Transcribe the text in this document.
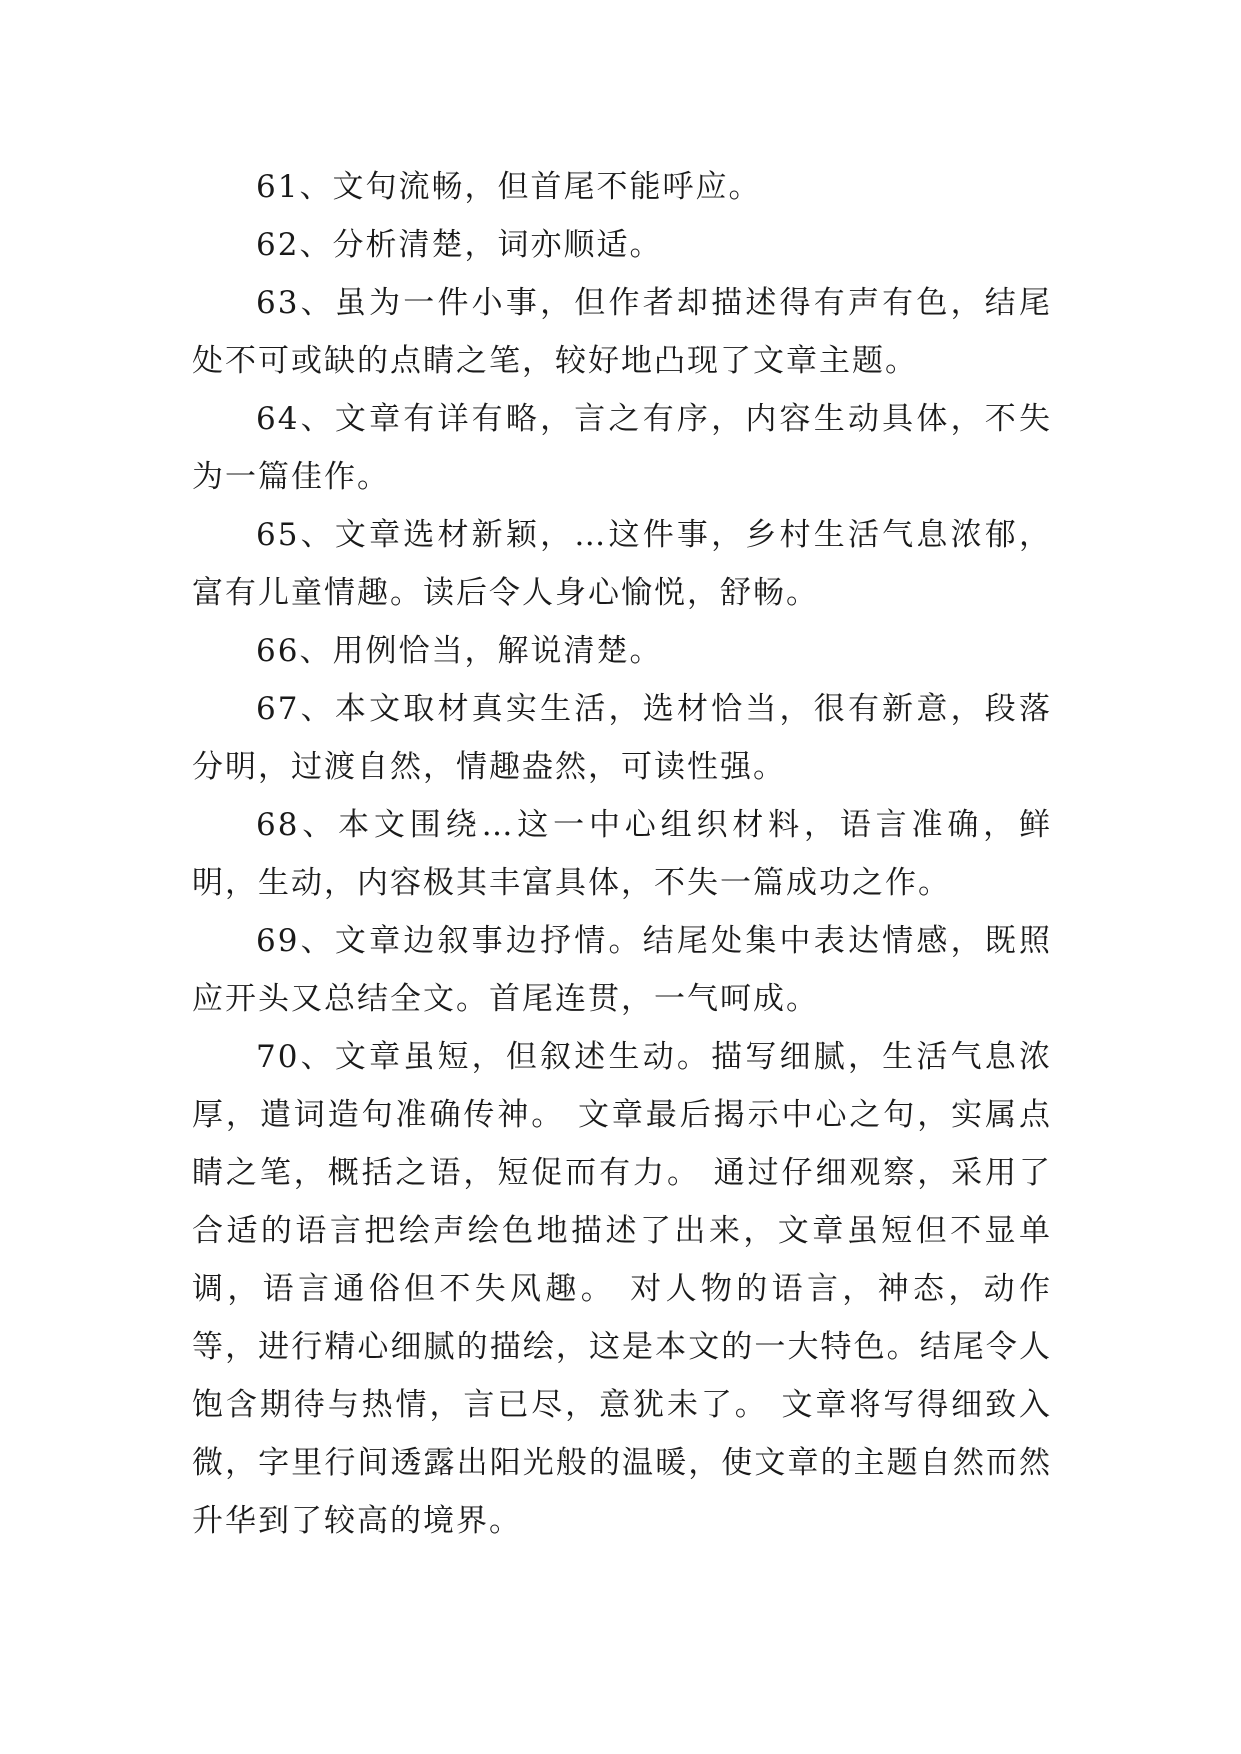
61、文句流畅，但首尾不能呼应。

62、分析清楚，词亦顺适。

63、虽为一件小事，但作者却描述得有声有色，结尾处不可或缺的点睛之笔，较好地凸现了文章主题。

64、文章有详有略，言之有序，内容生动具体，不失为一篇佳作。

65、文章选材新颖，…这件事，乡村生活气息浓郁，富有儿童情趣。读后令人身心愉悦，舒畅。

66、用例恰当，解说清楚。

67、本文取材真实生活，选材恰当，很有新意，段落分明，过渡自然，情趣盎然，可读性强。

68、本文围绕…这一中心组织材料，语言准确，鲜明，生动，内容极其丰富具体，不失一篇成功之作。

69、文章边叙事边抒情。结尾处集中表达情感，既照应开头又总结全文。首尾连贯，一气呵成。

70、文章虽短，但叙述生动。描写细腻，生活气息浓厚，遣词造句准确传神。 文章最后揭示中心之句，实属点睛之笔，概括之语，短促而有力。 通过仔细观察，采用了合适的语言把绘声绘色地描述了出来，文章虽短但不显单调，语言通俗但不失风趣。 对人物的语言，神态，动作等，进行精心细腻的描绘，这是本文的一大特色。结尾令人饱含期待与热情，言已尽，意犹未了。 文章将写得细致入微，字里行间透露出阳光般的温暖，使文章的主题自然而然升华到了较高的境界。
